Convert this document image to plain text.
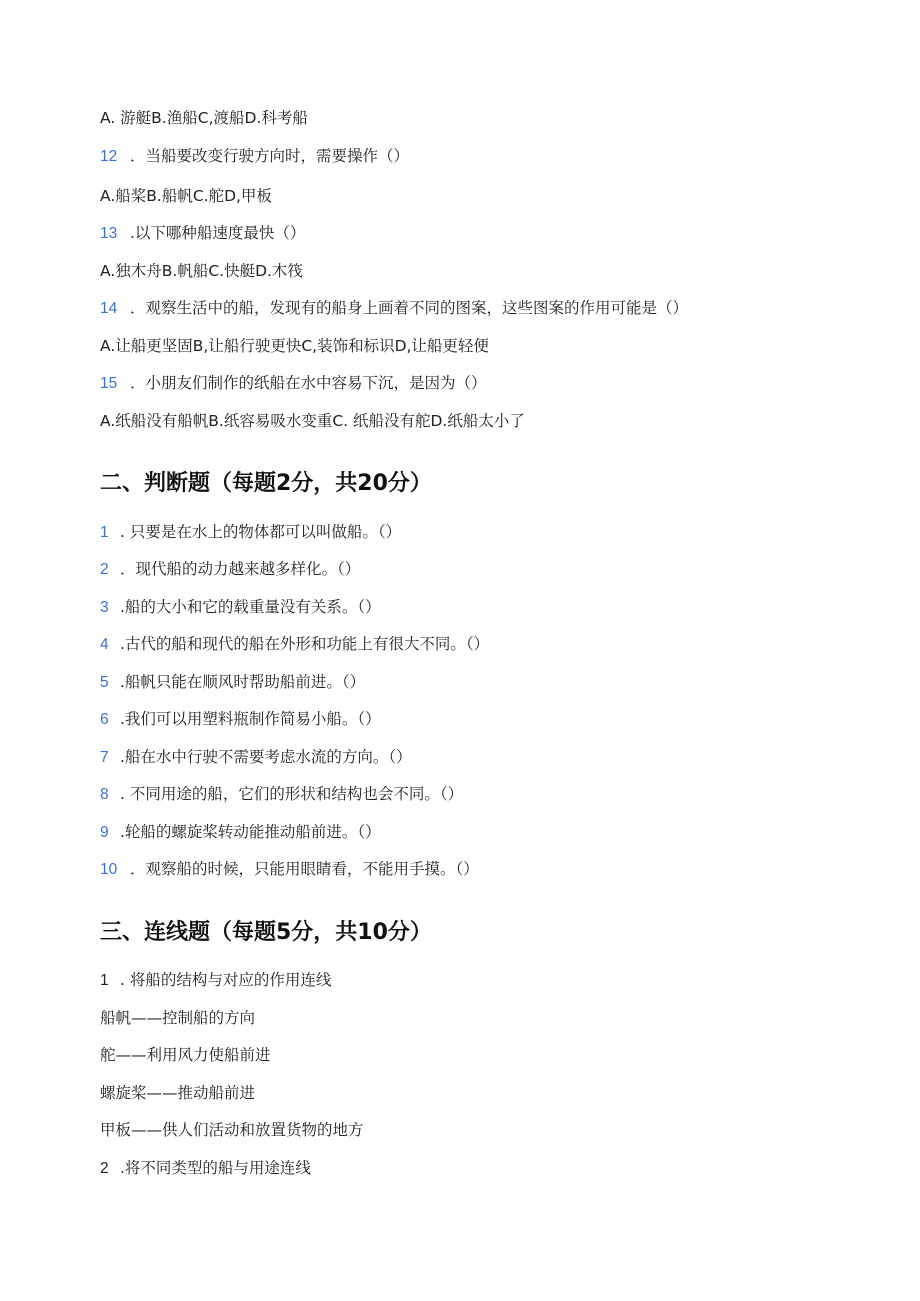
A. 游艇B.渔船C,渡船D.科考船
12 ．当船要改变行驶方向时，需要操作（）
A.船桨B.船帆C.舵D,甲板
13 .以下哪种船速度最快（）
A.独木舟B.帆船C.快艇D.木筏
14 ．观察生活中的船，发现有的船身上画着不同的图案，这些图案的作用可能是（）
A.让船更坚固B,让船行驶更快C,装饰和标识D,让船更轻便
15 ．小朋友们制作的纸船在水中容易下沉，是因为（）
A.纸船没有船帆B.纸容易吸水变重C. 纸船没有舵D.纸船太小了
二、判断题（每题2分，共20分）
1 . 只要是在水上的物体都可以叫做船。（）
2 ．现代船的动力越来越多样化。（）
3 .船的大小和它的载重量没有关系。（）
4 .古代的船和现代的船在外形和功能上有很大不同。（）
5 .船帆只能在顺风时帮助船前进。（）
6 .我们可以用塑料瓶制作简易小船。（）
7 .船在水中行驶不需要考虑水流的方向。（）
8 . 不同用途的船，它们的形状和结构也会不同。（）
9 .轮船的螺旋桨转动能推动船前进。（）
10 ．观察船的时候，只能用眼睛看，不能用手摸。（）
三、连线题（每题5分，共10分）
1 . 将船的结构与对应的作用连线
船帆——控制船的方向
舵——利用风力使船前进
螺旋桨——推动船前进
甲板——供人们活动和放置货物的地方
2 .将不同类型的船与用途连线
